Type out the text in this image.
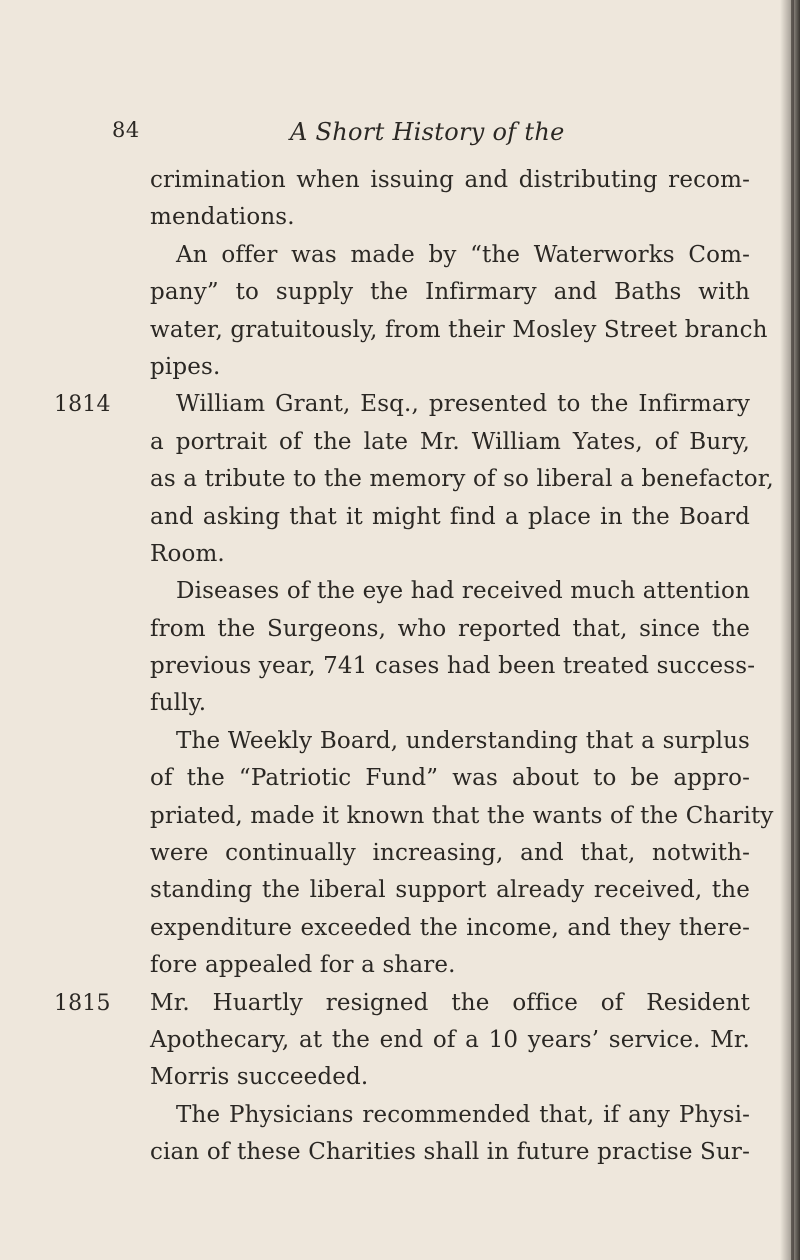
84	A Short History of the
crimination when issuing and distributing recom-
mendations.
An offer was made by “the Waterworks Com-
pany” to supply the Infirmary and Baths with
water, gratuitously, from their Mosley Street branch
pipes.
1814	William Grant, Esq., presented to the Infirmary
a portrait of the late Mr. William Yates, of Bury,
as a tribute to the memory of so liberal a benefactor,
and asking that it might find a place in the Board
Room.
Diseases of the eye had received much attention
from the Surgeons, who reported that, since the
previous year, 741 cases had been treated success-
fully.
The Weekly Board, understanding that a surplus
of the “Patriotic Fund” was about to be appro-
priated, made it known that the wants of the Charity
were continually increasing, and that, notwith-
standing the liberal support already received, the
expenditure exceeded the income, and they there-
fore appealed for a share.
1815 Mr. Huartly resigned the office of Resident
Apothecary, at the end of a 10 years’ service. Mr.
Morris succeeded.
The Physicians recommended that, if any Physi-
cian of these Charities shall in future practise Sur-
